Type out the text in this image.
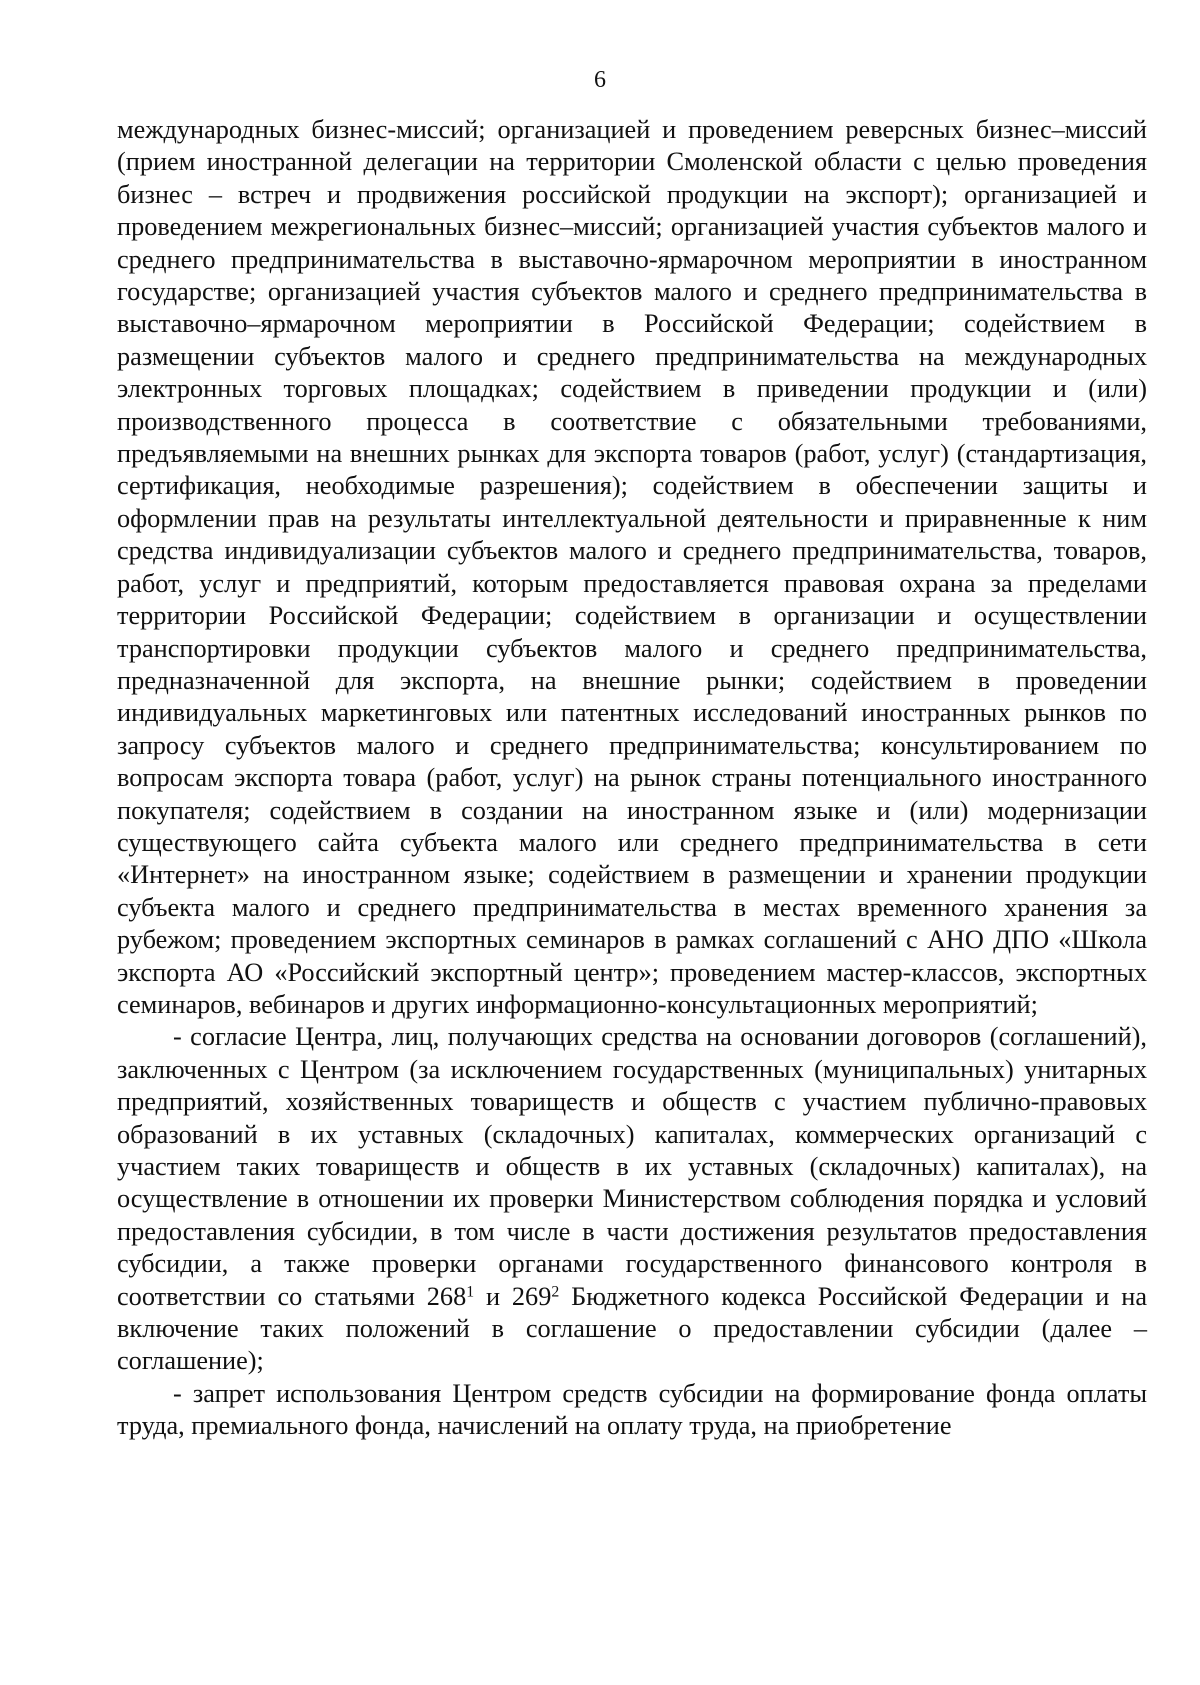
6

международных бизнес-миссий; организацией и проведением реверсных бизнес–миссий (прием иностранной делегации на территории Смоленской области с целью проведения бизнес – встреч и продвижения российской продукции на экспорт); организацией и проведением межрегиональных бизнес–миссий; организацией участия субъектов малого и среднего предпринимательства в выставочно-ярмарочном мероприятии в иностранном государстве; организацией участия субъектов малого и среднего предпринимательства в выставочно–ярмарочном мероприятии в Российской Федерации; содействием в размещении субъектов малого и среднего предпринимательства на международных электронных торговых площадках; содействием в приведении продукции и (или) производственного процесса в соответствие с обязательными требованиями, предъявляемыми на внешних рынках для экспорта товаров (работ, услуг) (стандартизация, сертификация, необходимые разрешения); содействием в обеспечении защиты и оформлении прав на результаты интеллектуальной деятельности и приравненные к ним средства индивидуализации субъектов малого и среднего предпринимательства, товаров, работ, услуг и предприятий, которым предоставляется правовая охрана за пределами территории Российской Федерации; содействием в организации и осуществлении транспортировки продукции субъектов малого и среднего предпринимательства, предназначенной для экспорта, на внешние рынки; содействием в проведении индивидуальных маркетинговых или патентных исследований иностранных рынков по запросу субъектов малого и среднего предпринимательства; консультированием по вопросам экспорта товара (работ, услуг) на рынок страны потенциального иностранного покупателя; содействием в создании на иностранном языке и (или) модернизации существующего сайта субъекта малого или среднего предпринимательства в сети «Интернет» на иностранном языке; содействием в размещении и хранении продукции субъекта малого и среднего предпринимательства в местах временного хранения за рубежом; проведением экспортных семинаров в рамках соглашений с АНО ДПО «Школа экспорта АО «Российский экспортный центр»; проведением мастер-классов, экспортных семинаров, вебинаров и других информационно-консультационных мероприятий;

- согласие Центра, лиц, получающих средства на основании договоров (соглашений), заключенных с Центром (за исключением государственных (муниципальных) унитарных предприятий, хозяйственных товариществ и обществ с участием публично-правовых образований в их уставных (складочных) капиталах, коммерческих организаций с участием таких товариществ и обществ в их уставных (складочных) капиталах), на осуществление в отношении их проверки Министерством соблюдения порядка и условий предоставления субсидии, в том числе в части достижения результатов предоставления субсидии, а также проверки органами государственного финансового контроля в соответствии со статьями $268^1$ и $269^2$ Бюджетного кодекса Российской Федерации и на включение таких положений в соглашение о предоставлении субсидии (далее – соглашение);

- запрет использования Центром средств субсидии на формирование фонда оплаты труда, премиального фонда, начислений на оплату труда, на приобретение
